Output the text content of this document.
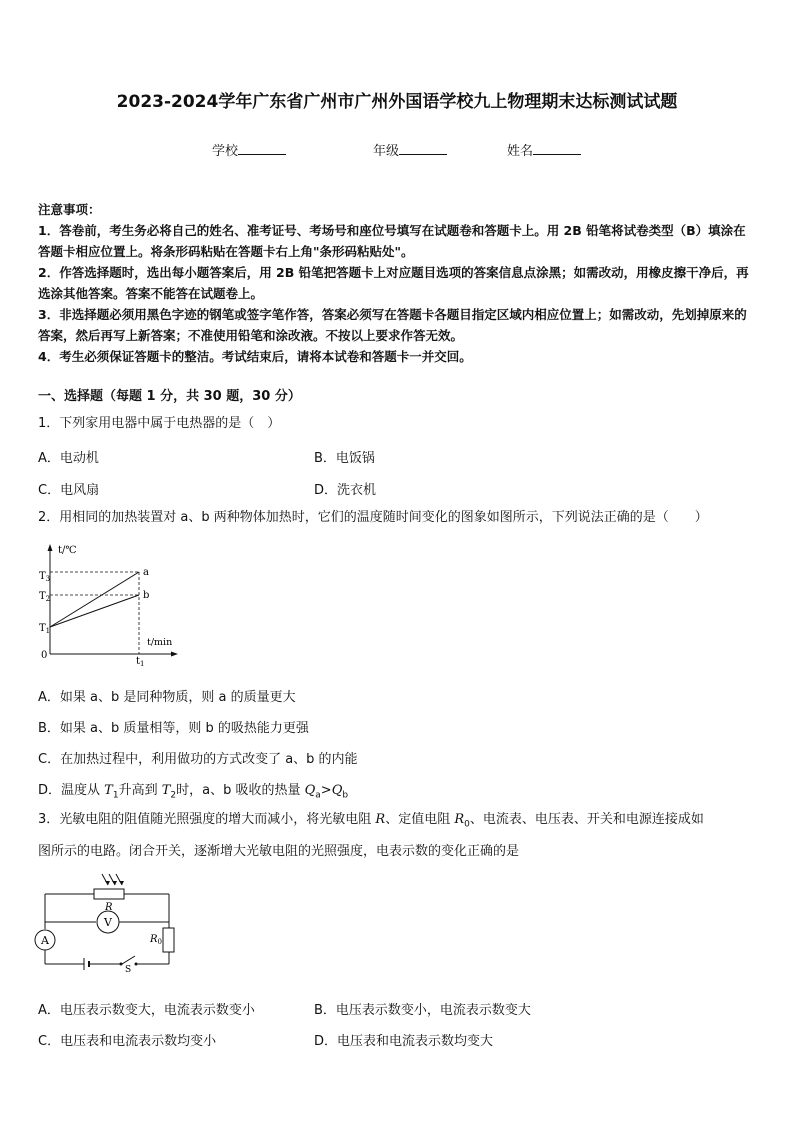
2023-2024学年广东省广州市广州外国语学校九上物理期末达标测试试题
学校	年级	姓名

注意事项：

1．答卷前，考生务必将自己的姓名、准考证号、考场号和座位号填写在试题卷和答题卡上。用 2B 铅笔将试卷类型（B）填涂在答题卡相应位置上。将条形码粘贴在答题卡右上角"条形码粘贴处"。

2．作答选择题时，选出每小题答案后，用 2B 铅笔把答题卡上对应题目选项的答案信息点涂黑；如需改动，用橡皮擦干净后，再选涂其他答案。答案不能答在试题卷上。

3．非选择题必须用黑色字迹的钢笔或签字笔作答，答案必须写在答题卡各题目指定区域内相应位置上；如需改动，先划掉原来的答案，然后再写上新答案；不准使用铅笔和涂改液。不按以上要求作答无效。

4．考生必须保证答题卡的整洁。考试结束后，请将本试卷和答题卡一并交回。

一、选择题（每题 1 分，共 30 题，30 分）
1．下列家用电器中属于电热器的是（　）
A．电动机	B．电饭锅
C．电风扇	D．洗衣机
2．用相同的加热装置对 a、b 两种物体加热时，它们的温度随时间变化的图象如图所示，下列说法正确的是（　　）
t/℃
t/min
0
$T_3$
$T_2$
$T_1$
$t_1$
a
b
A．如果 a、b 是同种物质，则 a 的质量更大
B．如果 a、b 质量相等，则 b 的吸热能力更强
C．在加热过程中，利用做功的方式改变了 a、b 的内能
D．温度从 $T_1$升高到 $T_2$时，a、b 吸收的热量 $Q_a>Q_b$
3．光敏电阻的阻值随光照强度的增大而减小，将光敏电阻 R、定值电阻 $R_0$、电流表、电压表、开关和电源连接成如
图所示的电路。闭合开关，逐渐增大光敏电阻的光照强度，电表示数的变化正确的是
R
V
A	$R_0$
S
A．电压表示数变大，电流表示数变小	B．电压表示数变小，电流表示数变大
C．电压表和电流表示数均变小	D．电压表和电流表示数均变大
